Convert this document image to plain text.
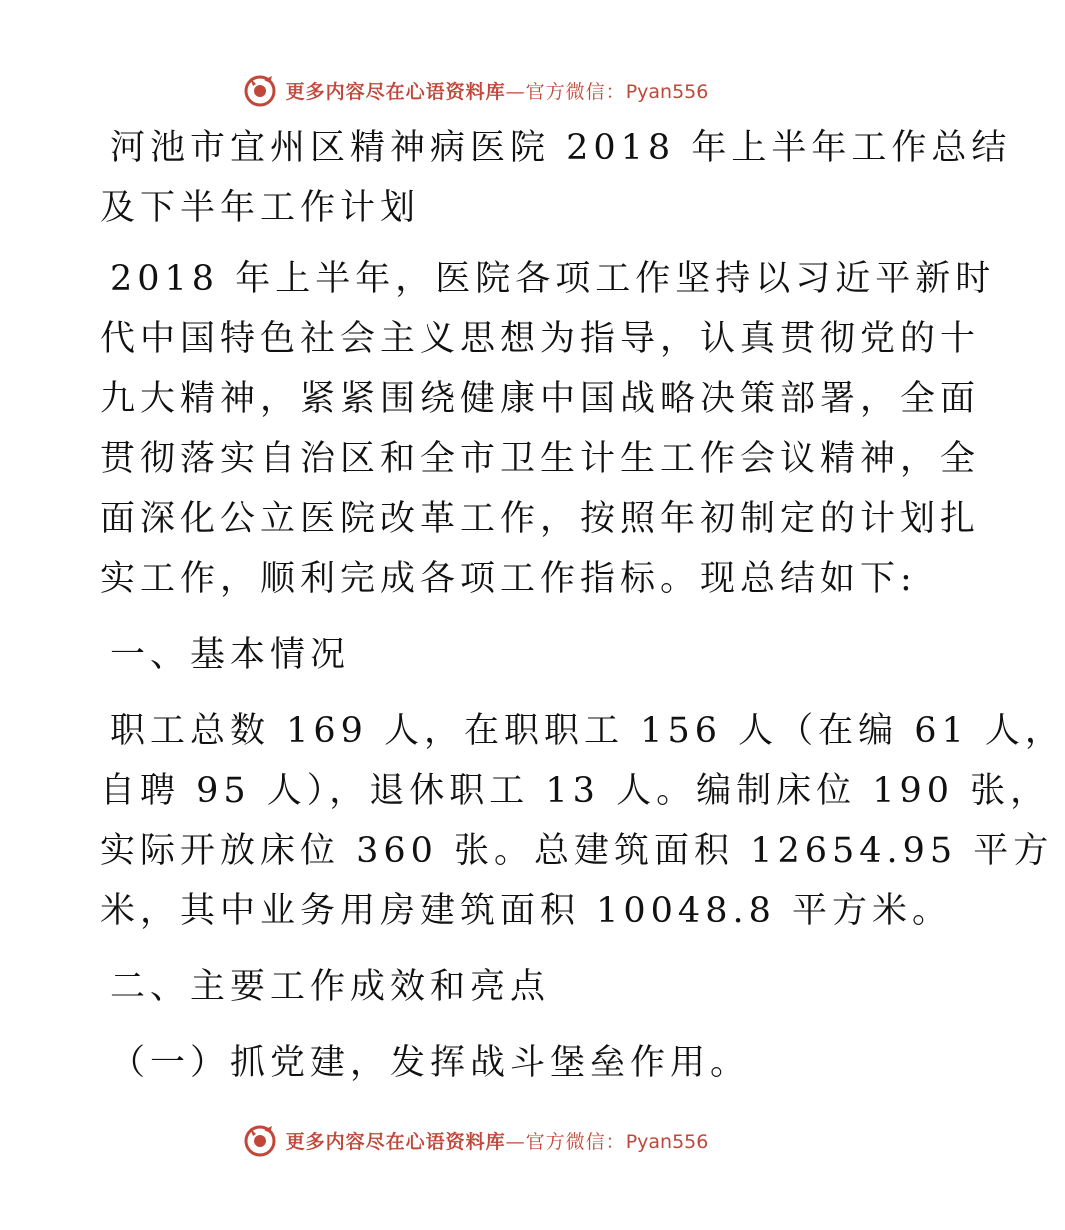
更多内容尽在心语资料库—官方微信：Pyan556
河池市宜州区精神病医院 2018 年上半年工作总结
及下半年工作计划
2018 年上半年，医院各项工作坚持以习近平新时
代中国特色社会主义思想为指导，认真贯彻党的十
九大精神，紧紧围绕健康中国战略决策部署，全面
贯彻落实自治区和全市卫生计生工作会议精神，全
面深化公立医院改革工作，按照年初制定的计划扎
实工作，顺利完成各项工作指标。现总结如下:
一、基本情况
职工总数 169 人，在职职工 156 人（在编 61 人，
自聘 95 人），退休职工 13 人。编制床位 190 张，
实际开放床位 360 张。总建筑面积 12654.95 平方
米，其中业务用房建筑面积 10048.8 平方米。
二、主要工作成效和亮点
（一）抓党建，发挥战斗堡垒作用。
更多内容尽在心语资料库—官方微信：Pyan556
